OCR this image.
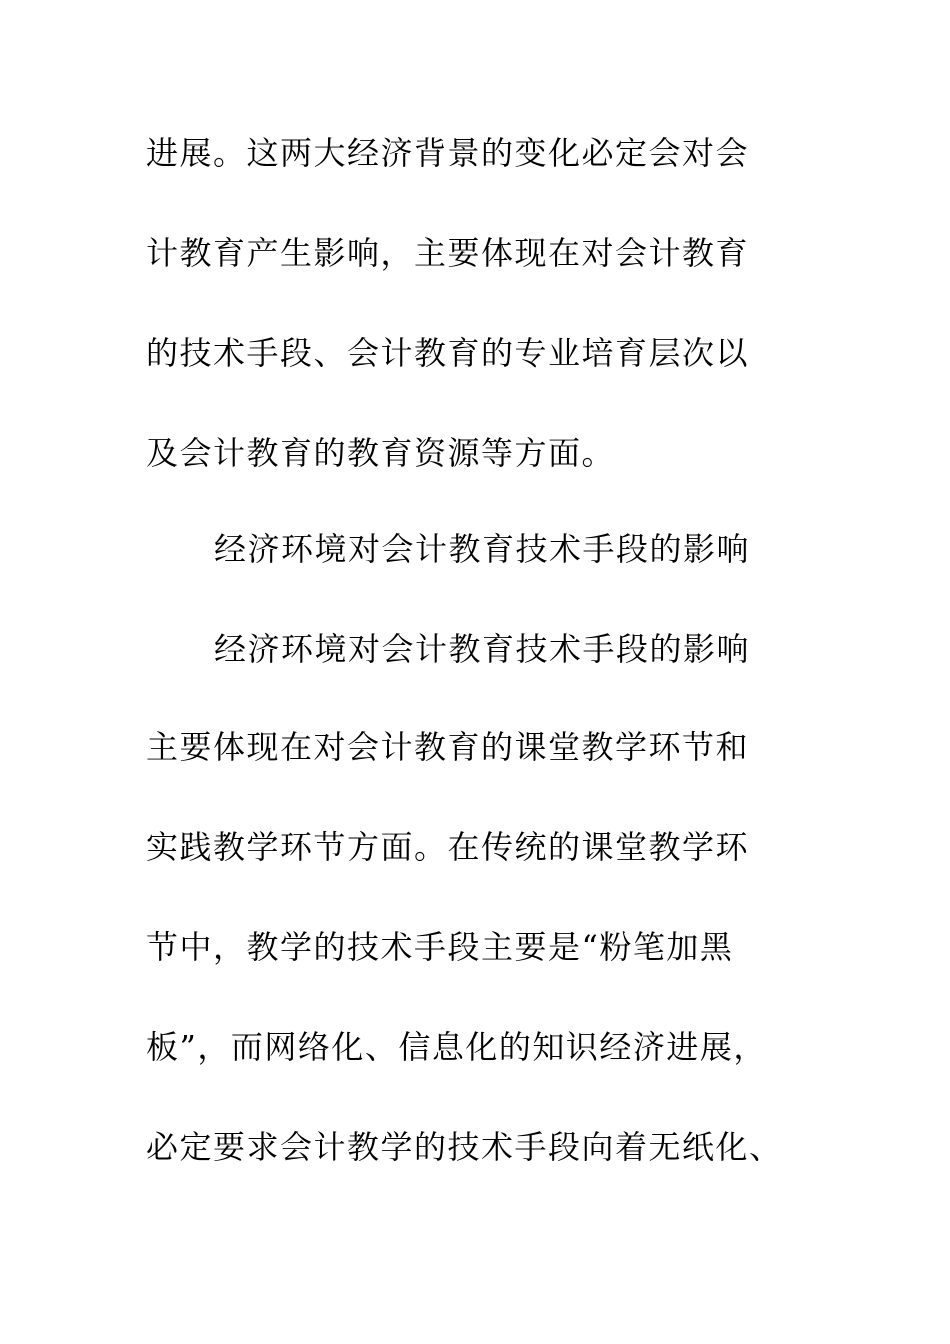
进展。这两大经济背景的变化必定会对会
计教育产生影响，主要体现在对会计教育
的技术手段、会计教育的专业培育层次以
及会计教育的教育资源等方面。
经济环境对会计教育技术手段的影响
经济环境对会计教育技术手段的影响
主要体现在对会计教育的课堂教学环节和
实践教学环节方面。在传统的课堂教学环
节中，教学的技术手段主要是“粉笔加黑
板”，而网络化、信息化的知识经济进展，
必定要求会计教学的技术手段向着无纸化、
